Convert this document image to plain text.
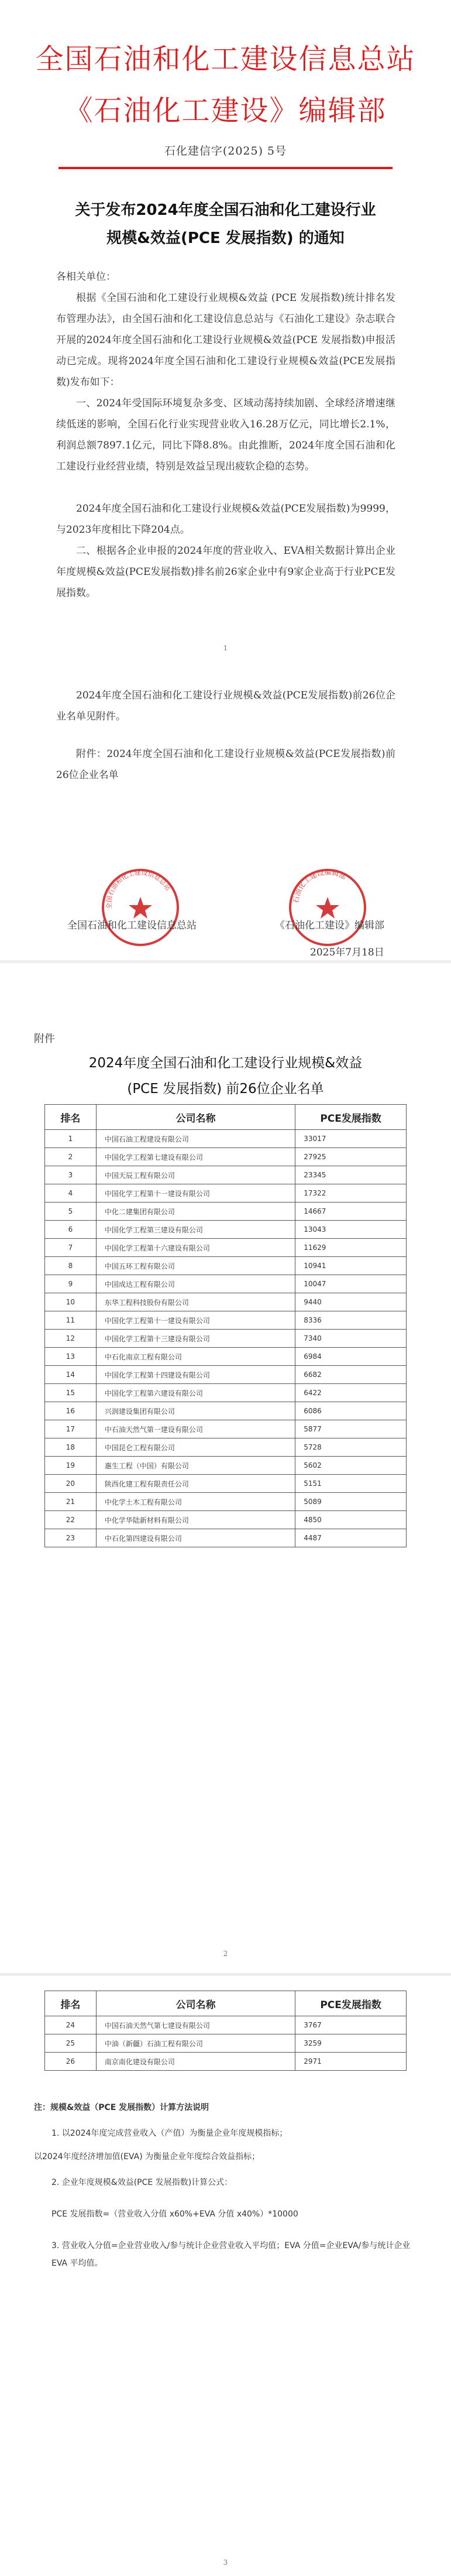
全国石油和化工建设信息总站
《石油化工建设》编辑部
石化建信字(2025) 5号
关于发布2024年度全国石油和化工建设行业
规模&效益(PCE 发展指数) 的通知
各相关单位：
根据《全国石油和化工建设行业规模&效益 (PCE 发展指数)统计排名发布管理办法》，由全国石油和化工建设信息总站与《石油化工建设》杂志联合开展的2024年度全国石油和化工建设行业规模&效益(PCE 发展指数)申报活动已完成。现将2024年度全国石油和化工建设行业规模&效益(PCE发展指数)发布如下：
一、2024年受国际环境复杂多变、区域动荡持续加剧、全球经济增速继续低迷的影响，全国石化行业实现营业收入16.28万亿元，同比增长2.1%，利润总额7897.1亿元，同比下降8.8%。由此推断，2024年度全国石油和化工建设行业经营业绩，特别是效益呈现出疲软企稳的态势。
2024年度全国石油和化工建设行业规模&效益(PCE发展指数)为9999，与2023年度相比下降204点。
二、根据各企业申报的2024年度的营业收入、EVA相关数据计算出企业年度规模&效益(PCE发展指数)排名前26家企业中有9家企业高于行业PCE发展指数。
2024年度全国石油和化工建设行业规模&效益(PCE发展指数)前26位企业名单见附件。
附件：2024年度全国石油和化工建设行业规模&效益(PCE发展指数)前26位企业名单
全国石油和化工建设信息总站
石油化工建设编辑部
全国石油和化工建设信息总站	《石油化工建设》编辑部
2025年7月18日
附件
2024年度全国石油和化工建设行业规模&效益
(PCE 发展指数) 前26位企业名单
排名	公司名称	PCE发展指数
1	中国石油工程建设有限公司	33017
2	中国化学工程第七建设有限公司	27925
3	中国天辰工程有限公司	23345
4	中国化学工程第十一建设有限公司	17322
5	中化二建集团有限公司	14667
6	中国化学工程第三建设有限公司	13043
7	中国化学工程第十六建设有限公司	11629
8	中国五环工程有限公司	10941
9	中国成达工程有限公司	10047
10	东华工程科技股份有限公司	9440
11	中国化学工程第十一建设有限公司	8336
12	中国化学工程第十三建设有限公司	7340
13	中石化南京工程有限公司	6984
14	中国化学工程第十四建设有限公司	6682
15	中国化学工程第六建设有限公司	6422
16	兴润建设集团有限公司	6086
17	中石油天然气第一建设有限公司	5877
18	中国昆仑工程有限公司	5728
19	惠生工程（中国）有限公司	5602
20	陕西化建工程有限责任公司	5151
21	中化学土木工程有限公司	5089
22	中化学华陆新材料有限公司	4850
23	中石化第四建设有限公司	4487
2
排名	公司名称	PCE发展指数
24	中国石油天然气第七建设有限公司	3767
25	中油（新疆）石油工程有限公司	3259
26	南京南化建设有限公司	2971
注：规模&效益（PCE 发展指数）计算方法说明
1. 以2024年度完成营业收入（产值）为衡量企业年度规模指标；
以2024年度经济增加值(EVA) 为衡量企业年度综合效益指标；
2. 企业年度规模&效益(PCE 发展指数)计算公式：
PCE 发展指数=（营业收入分值 x60%+EVA 分值 x40%）*10000
3. 营业收入分值=企业营业收入/参与统计企业营业收入平均值；EVA 分值=企业EVA/参与统计企业EVA 平均值。
3
1
